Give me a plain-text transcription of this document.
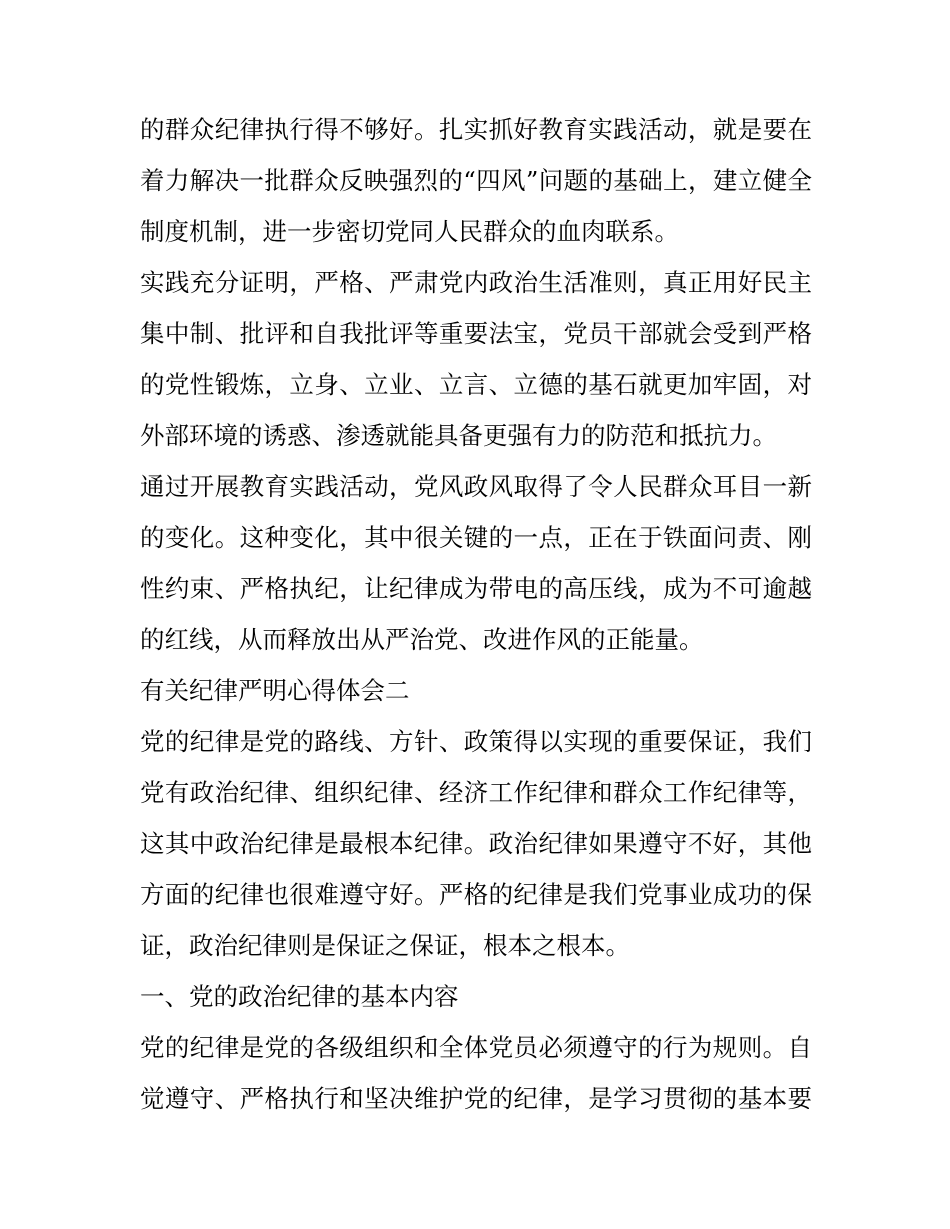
的群众纪律执行得不够好。扎实抓好教育实践活动，就是要在
着力解决一批群众反映强烈的“四风”问题的基础上，建立健全
制度机制，进一步密切党同人民群众的血肉联系。
实践充分证明，严格、严肃党内政治生活准则，真正用好民主
集中制、批评和自我批评等重要法宝，党员干部就会受到严格
的党性锻炼，立身、立业、立言、立德的基石就更加牢固，对
外部环境的诱惑、渗透就能具备更强有力的防范和抵抗力。
通过开展教育实践活动，党风政风取得了令人民群众耳目一新
的变化。这种变化，其中很关键的一点，正在于铁面问责、刚
性约束、严格执纪，让纪律成为带电的高压线，成为不可逾越
的红线，从而释放出从严治党、改进作风的正能量。
有关纪律严明心得体会二
党的纪律是党的路线、方针、政策得以实现的重要保证，我们
党有政治纪律、组织纪律、经济工作纪律和群众工作纪律等，
这其中政治纪律是最根本纪律。政治纪律如果遵守不好，其他
方面的纪律也很难遵守好。严格的纪律是我们党事业成功的保
证，政治纪律则是保证之保证，根本之根本。
一、党的政治纪律的基本内容
党的纪律是党的各级组织和全体党员必须遵守的行为规则。自
觉遵守、严格执行和坚决维护党的纪律，是学习贯彻的基本要
